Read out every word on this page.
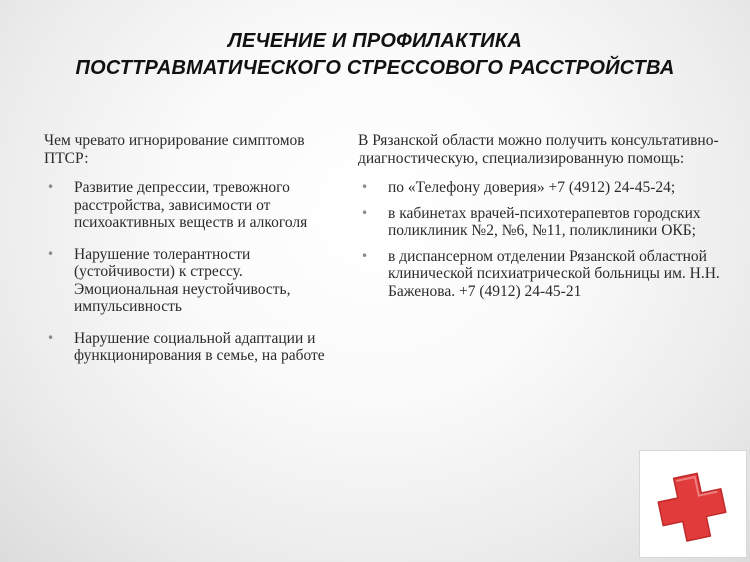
ЛЕЧЕНИЕ И ПРОФИЛАКТИКА
ПОСТТРАВМАТИЧЕСКОГО СТРЕССОВОГО РАССТРОЙСТВА

Чем чревато игнорирование симптомов ПТСР:

• Развитие депрессии, тревожного расстройства, зависимости от психоактивных веществ и алкоголя
• Нарушение толерантности (устойчивости) к стрессу. Эмоциональная неустойчивость, импульсивность
• Нарушение социальной адаптации и функционирования в семье, на работе

В Рязанской области можно получить консультативно-диагностическую, специализированную помощь:

• по «Телефону доверия» +7 (4912) 24-45-24;
• в кабинетах врачей-психотерапевтов городских поликлиник №2, №6, №11, поликлиники ОКБ;
• в диспансерном отделении Рязанской областной клинической психиатрической больницы им. Н.Н. Баженова. +7 (4912) 24-45-21
